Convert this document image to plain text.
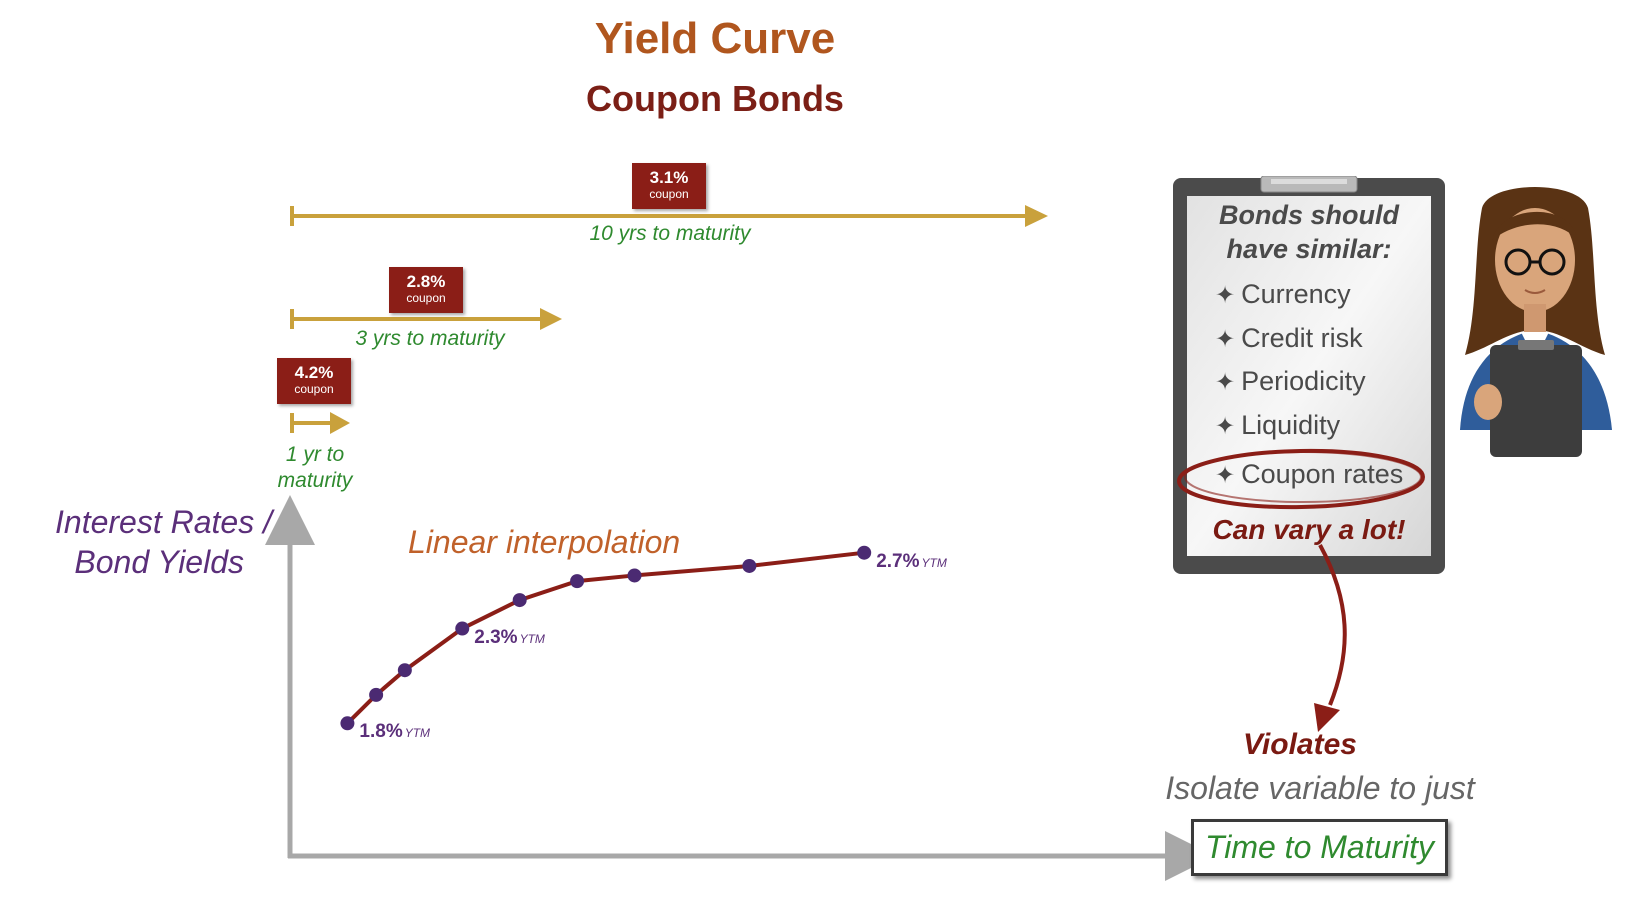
Yield Curve
Coupon Bonds
3.1%
coupon
10 yrs to maturity
2.8%
coupon
3 yrs to maturity
4.2%
coupon
1 yr to
maturity
Interest Rates /
Bond Yields
Linear interpolation
Bonds should
have similar:
✦ Currency
✦ Credit risk
✦ Periodicity
✦ Liquidity
✦ Coupon rates
Can vary a lot!
Violates
Isolate variable to just
Time to Maturity
1.8% YTM
2.3% YTM
2.7% YTM
